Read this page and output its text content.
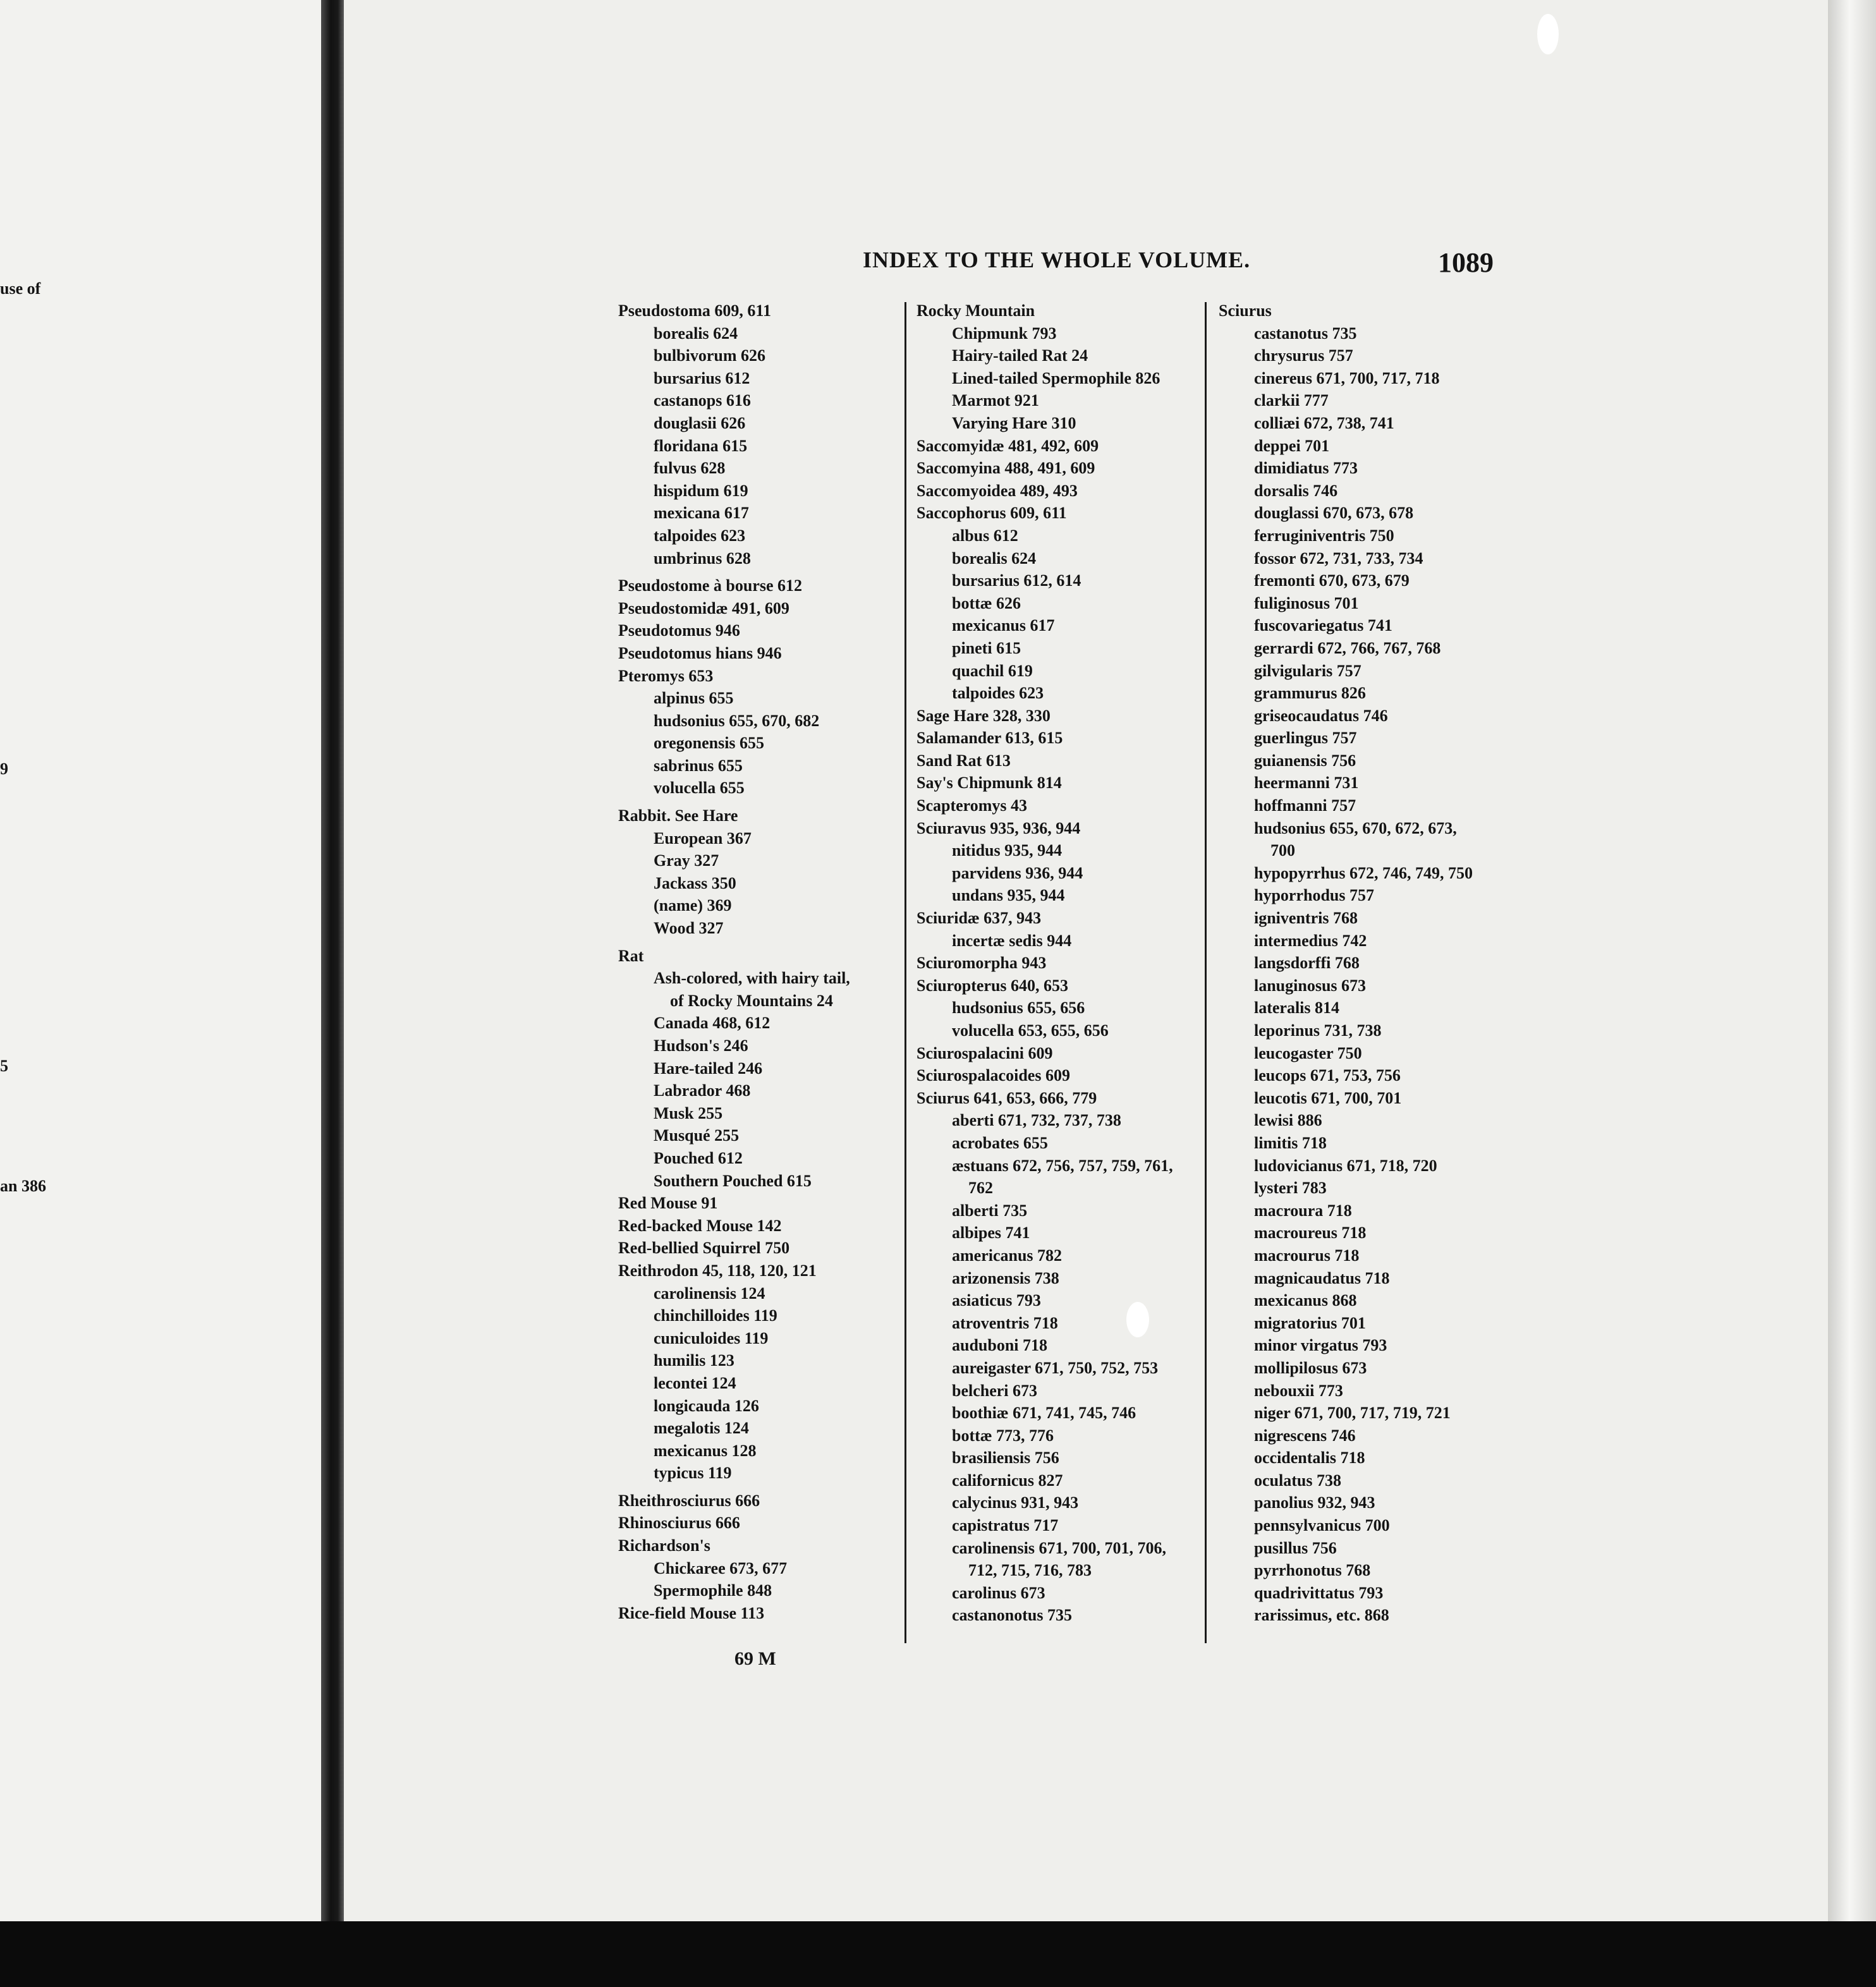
use of
9
5
an 386
INDEX TO THE WHOLE VOLUME.	1089
Pseudostoma 609, 611
borealis 624
bulbivorum 626
bursarius 612
castanops 616
douglasii 626
floridana 615
fulvus 628
hispidum 619
mexicana 617
talpoides 623
umbrinus 628
Pseudostome à bourse 612
Pseudostomidæ 491, 609
Pseudotomus 946
Pseudotomus hians 946
Pteromys 653
alpinus 655
hudsonius 655, 670, 682
oregonensis 655
sabrinus 655
volucella 655
Rabbit. See Hare
European 367
Gray 327
Jackass 350
(name) 369
Wood 327
Rat
Ash-colored, with hairy tail,
of Rocky Mountains 24
Canada 468, 612
Hudson's 246
Hare-tailed 246
Labrador 468
Musk 255
Musqué 255
Pouched 612
Southern Pouched 615
Red Mouse 91
Red-backed Mouse 142
Red-bellied Squirrel 750
Reithrodon 45, 118, 120, 121
carolinensis 124
chinchilloides 119
cuniculoides 119
humilis 123
lecontei 124
longicauda 126
megalotis 124
mexicanus 128
typicus 119
Rheithrosciurus 666
Rhinosciurus 666
Richardson's
Chickaree 673, 677
Spermophile 848
Rice-field Mouse 113
Rocky Mountain
Chipmunk 793
Hairy-tailed Rat 24
Lined-tailed Spermophile 826
Marmot 921
Varying Hare 310
Saccomyidæ 481, 492, 609
Saccomyina 488, 491, 609
Saccomyoidea 489, 493
Saccophorus 609, 611
albus 612
borealis 624
bursarius 612, 614
bottæ 626
mexicanus 617
pineti 615
quachil 619
talpoides 623
Sage Hare 328, 330
Salamander 613, 615
Sand Rat 613
Say's Chipmunk 814
Scapteromys 43
Sciuravus 935, 936, 944
nitidus 935, 944
parvidens 936, 944
undans 935, 944
Sciuridæ 637, 943
incertæ sedis 944
Sciuromorpha 943
Sciuropterus 640, 653
hudsonius 655, 656
volucella 653, 655, 656
Sciurospalacini 609
Sciurospalacoides 609
Sciurus 641, 653, 666, 779
aberti 671, 732, 737, 738
acrobates 655
æstuans 672, 756, 757, 759, 761,
762
alberti 735
albipes 741
americanus 782
arizonensis 738
asiaticus 793
atroventris 718
auduboni 718
aureigaster 671, 750, 752, 753
belcheri 673
boothiæ 671, 741, 745, 746
bottæ 773, 776
brasiliensis 756
californicus 827
calycinus 931, 943
capistratus 717
carolinensis 671, 700, 701, 706,
712, 715, 716, 783
carolinus 673
castanonotus 735
Sciurus
castanotus 735
chrysurus 757
cinereus 671, 700, 717, 718
clarkii 777
colliæi 672, 738, 741
deppei 701
dimidiatus 773
dorsalis 746
douglassi 670, 673, 678
ferruginiventris 750
fossor 672, 731, 733, 734
fremonti 670, 673, 679
fuliginosus 701
fuscovariegatus 741
gerrardi 672, 766, 767, 768
gilvigularis 757
grammurus 826
griseocaudatus 746
guerlingus 757
guianensis 756
heermanni 731
hoffmanni 757
hudsonius 655, 670, 672, 673,
700
hypopyrrhus 672, 746, 749, 750
hyporrhodus 757
igniventris 768
intermedius 742
langsdorffi 768
lanuginosus 673
lateralis 814
leporinus 731, 738
leucogaster 750
leucops 671, 753, 756
leucotis 671, 700, 701
lewisi 886
limitis 718
ludovicianus 671, 718, 720
lysteri 783
macroura 718
macroureus 718
macrourus 718
magnicaudatus 718
mexicanus 868
migratorius 701
minor virgatus 793
mollipilosus 673
nebouxii 773
niger 671, 700, 717, 719, 721
nigrescens 746
occidentalis 718
oculatus 738
panolius 932, 943
pennsylvanicus 700
pusillus 756
pyrrhonotus 768
quadrivittatus 793
rarissimus, etc. 868
69 M
